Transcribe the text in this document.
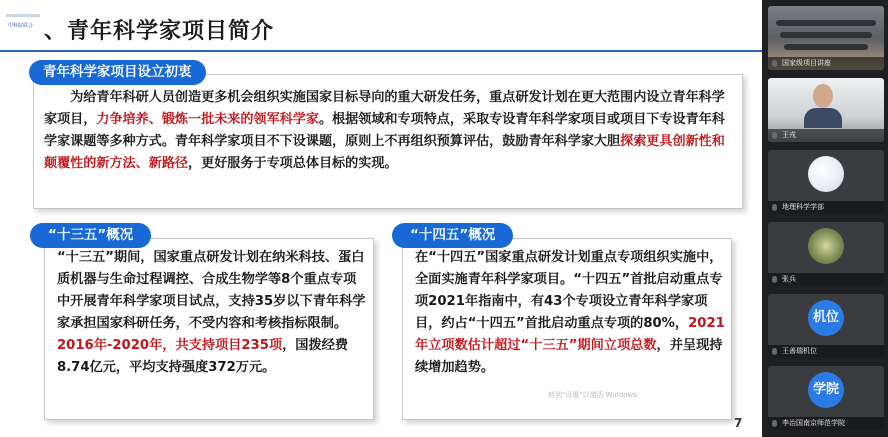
中科院联合 、青年科学家项目简介
为给青年科研人员创造更多机会组织实施国家目标导向的重大研发任务，重点研发计划在更大范围内设立青年科学家项目，力争培养、锻炼一批未来的领军科学家。根据领域和专项特点，采取专设青年科学家项目或项目下专设青年科学家课题等多种方式。青年科学家项目不下设课题，原则上不再组织预算评估，鼓励青年科学家大胆探索更具创新性和颠覆性的新方法、新路径，更好服务于专项总体目标的实现。
青年科学家项目设立初衷
“十三五”期间，国家重点研发计划在纳米科技、蛋白质机器与生命过程调控、合成生物学等8个重点专项中开展青年科学家项目试点，支持35岁以下青年科学家承担国家科研任务，不受内容和考核指标限制。2016年-2020年，共支持项目235项，国拨经费8.74亿元，平均支持强度372万元。
“十三五”概况
在“十四五”国家重点研发计划重点专项组织实施中，全面实施青年科学家项目。“十四五”首批启动重点专项2021年指南中，有43个专项设立青年科学家项目，约占“十四五”首批启动重点专项的80%，2021年立项数估计超过“十三五”期间立项总数，并呈现持续增加趋势。
“十四五”概况
转到"设置"以激活 Windows
7
国家级项目讲座
王戎
地理科学学部
张兵
机位
王善瑞机位
学院
李治国南京师范学院
